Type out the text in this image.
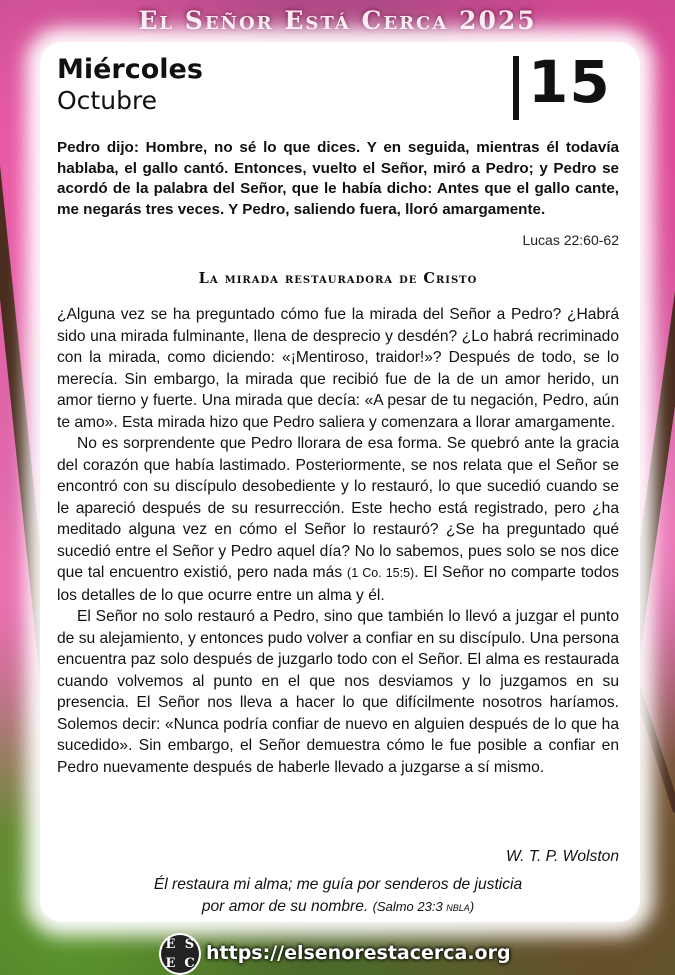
El Señor Está Cerca 2025
Miércoles
Octubre	15
Pedro dijo: Hombre, no sé lo que dices. Y en seguida, mientras él todavía hablaba, el gallo cantó. Entonces, vuelto el Señor, miró a Pedro; y Pedro se acordó de la palabra del Señor, que le había dicho: Antes que el gallo cante, me negarás tres veces. Y Pedro, saliendo fuera, lloró amargamente.
Lucas 22:60-62
La mirada restauradora de Cristo

¿Alguna vez se ha preguntado cómo fue la mirada del Señor a Pedro? ¿Habrá sido una mirada fulminante, llena de desprecio y desdén? ¿Lo habrá recriminado con la mirada, como diciendo: «¡Mentiroso, traidor!»? Después de todo, se lo merecía. Sin embargo, la mirada que recibió fue de la de un amor herido, un amor tierno y fuerte. Una mirada que decía: «A pesar de tu negación, Pedro, aún te amo». Esta mirada hizo que Pedro saliera y comenzara a llorar amargamente.

No es sorprendente que Pedro llorara de esa forma. Se quebró ante la gracia del corazón que había lastimado. Posteriormente, se nos relata que el Señor se encontró con su discípulo desobediente y lo restauró, lo que sucedió cuando se le apareció después de su resurrección. Este hecho está registrado, pero ¿ha meditado alguna vez en cómo el Señor lo restauró? ¿Se ha preguntado qué sucedió entre el Señor y Pedro aquel día? No lo sabemos, pues solo se nos dice que tal encuentro existió, pero nada más (1 Co. 15:5). El Señor no comparte todos los detalles de lo que ocurre entre un alma y él.

El Señor no solo restauró a Pedro, sino que también lo llevó a juzgar el punto de su alejamiento, y entonces pudo volver a confiar en su discípulo. Una persona encuentra paz solo después de juzgarlo todo con el Señor. El alma es restaurada cuando volvemos al punto en el que nos desviamos y lo juzgamos en su presencia. El Señor nos lleva a hacer lo que difícilmente nosotros haríamos. Solemos decir: «Nunca podría confiar de nuevo en alguien después de lo que ha sucedido». Sin embargo, el Señor demuestra cómo le fue posible a confiar en Pedro nuevamente después de haberle llevado a juzgarse a sí mismo.

W. T. P. Wolston
Él restaura mi alma; me guía por senderos de justicia
por amor de su nombre. (Salmo 23:3 nbla)
E S
E C https://elsenorestacerca.org
